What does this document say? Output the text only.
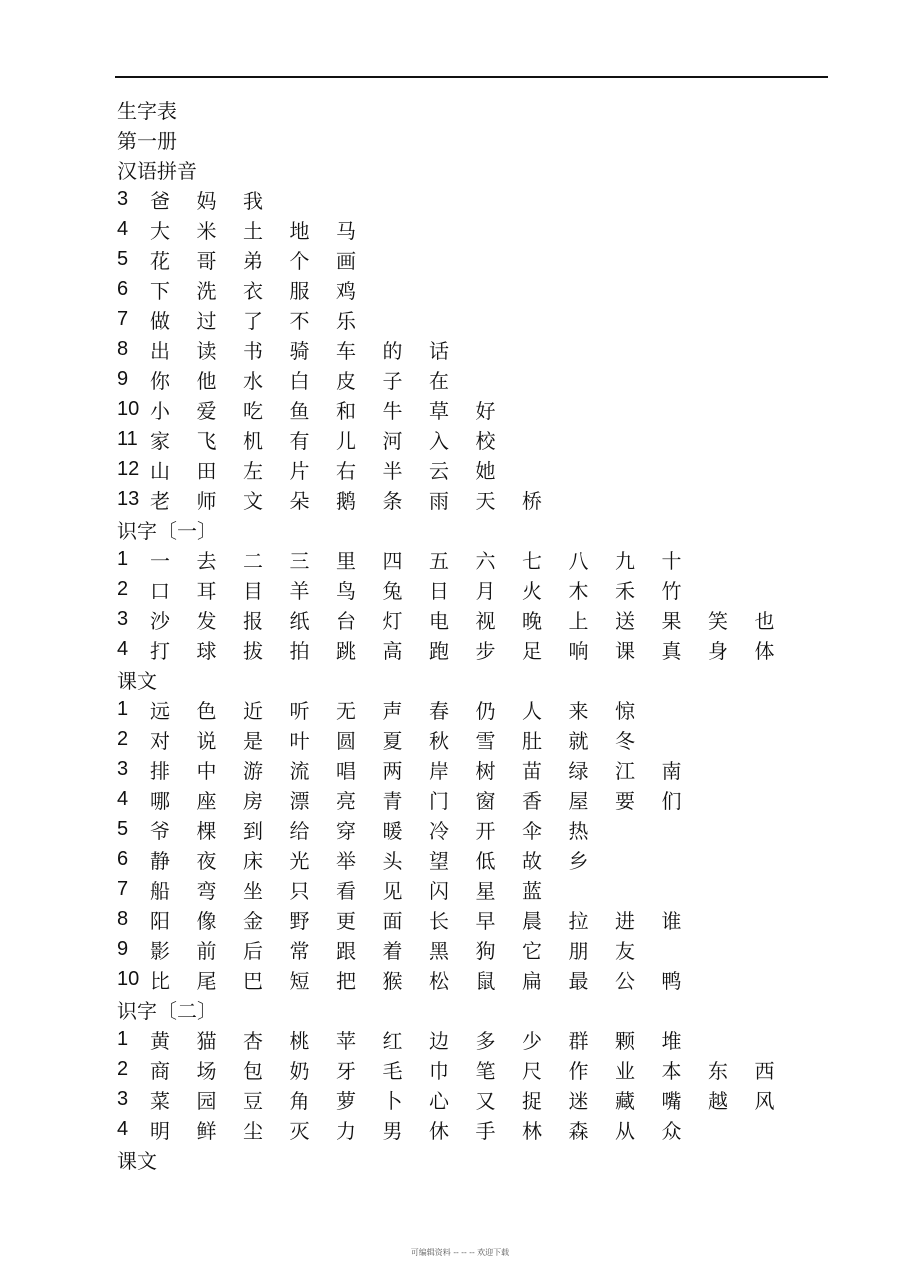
生字表
第一册
汉语拼音
3	爸	妈	我
4	大	米	土	地	马
5	花	哥	弟	个	画
6	下	洗	衣	服	鸡
7	做	过	了	不	乐
8	出	读	书	骑	车	的	话
9	你	他	水	白	皮	子	在
10 小	爱	吃	鱼	和	牛	草	好
11 家	飞	机	有	儿	河	入	校
12 山	田	左	片	右	半	云	她
13 老	师	文	朵	鹅	条	雨	天	桥
识字〔一〕
1	一	去	二	三	里	四	五	六	七	八	九	十
2	口	耳	目	羊	鸟	兔	日	月	火	木	禾	竹
3	沙	发	报	纸	台	灯	电	视	晚	上	送	果	笑	也
4	打	球	拔	拍	跳	高	跑	步	足	响	课	真	身	体
课文
1	远	色	近	听	无	声	春	仍	人	来	惊
2	对	说	是	叶	圆	夏	秋	雪	肚	就	冬
3	排	中	游	流	唱	两	岸	树	苗	绿	江	南
4	哪	座	房	漂	亮	青	门	窗	香	屋	要	们
5	爷	棵	到	给	穿	暖	冷	开	伞	热
6	静	夜	床	光	举	头	望	低	故	乡
7	船	弯	坐	只	看	见	闪	星	蓝
8	阳	像	金	野	更	面	长	早	晨	拉	进	谁
9	影	前	后	常	跟	着	黑	狗	它	朋	友
10 比	尾	巴	短	把	猴	松	鼠	扁	最	公	鸭
识字〔二〕
1	黄	猫	杏	桃	苹	红	边	多	少	群	颗	堆
2	商	场	包	奶	牙	毛	巾	笔	尺	作	业	本	东	西
3	菜	园	豆	角	萝	卜	心	又	捉	迷	藏	嘴	越	风
4	明	鲜	尘	灭	力	男	休	手	林	森	从	众
课文
可编辑资料 -- -- -- 欢迎下载
